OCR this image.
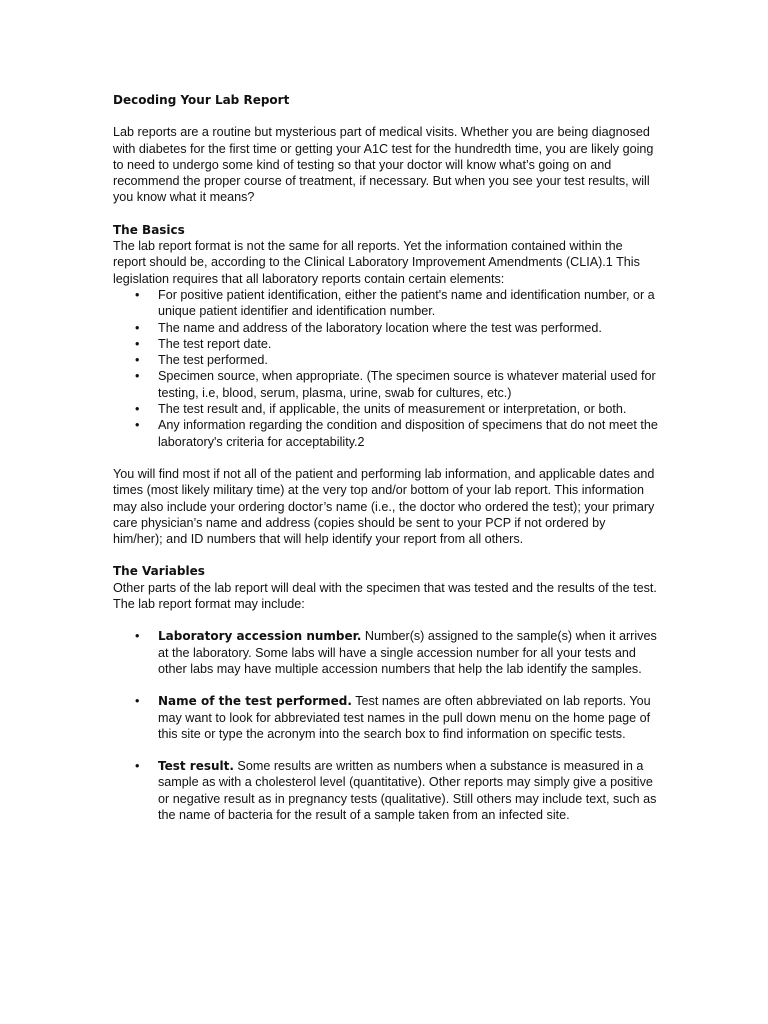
Decoding Your Lab Report

Lab reports are a routine but mysterious part of medical visits. Whether you are being diagnosed with diabetes for the first time or getting your A1C test for the hundredth time, you are likely going to need to undergo some kind of testing so that your doctor will know what’s going on and recommend the proper course of treatment, if necessary. But when you see your test results, will you know what it means?

The Basics

The lab report format is not the same for all reports. Yet the information contained within the report should be, according to the Clinical Laboratory Improvement Amendments (CLIA).1 This legislation requires that all laboratory reports contain certain elements:

• For positive patient identification, either the patient's name and identification number, or a unique patient identifier and identification number.
• The name and address of the laboratory location where the test was performed.
• The test report date.
• The test performed.
• Specimen source, when appropriate. (The specimen source is whatever material used for testing, i.e, blood, serum, plasma, urine, swab for cultures, etc.)
• The test result and, if applicable, the units of measurement or interpretation, or both.
• Any information regarding the condition and disposition of specimens that do not meet the laboratory's criteria for acceptability.2

You will find most if not all of the patient and performing lab information, and applicable dates and times (most likely military time) at the very top and/or bottom of your lab report. This information may also include your ordering doctor’s name (i.e., the doctor who ordered the test); your primary care physician’s name and address (copies should be sent to your PCP if not ordered by him/her); and ID numbers that will help identify your report from all others.

The Variables

Other parts of the lab report will deal with the specimen that was tested and the results of the test. The lab report format may include:

• Laboratory accession number. Number(s) assigned to the sample(s) when it arrives at the laboratory. Some labs will have a single accession number for all your tests and other labs may have multiple accession numbers that help the lab identify the samples.
• Name of the test performed. Test names are often abbreviated on lab reports. You may want to look for abbreviated test names in the pull down menu on the home page of this site or type the acronym into the search box to find information on specific tests.
• Test result. Some results are written as numbers when a substance is measured in a sample as with a cholesterol level (quantitative). Other reports may simply give a positive or negative result as in pregnancy tests (qualitative). Still others may include text, such as the name of bacteria for the result of a sample taken from an infected site.
